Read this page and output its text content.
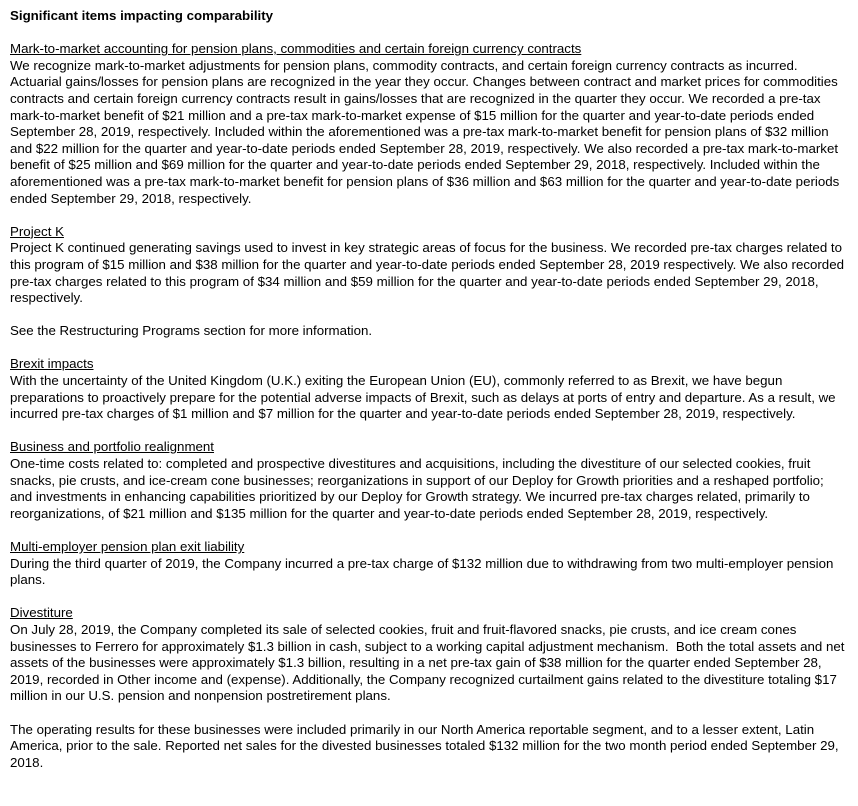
Significant items impacting comparability

Mark-to-market accounting for pension plans, commodities and certain foreign currency contracts

We recognize mark-to-market adjustments for pension plans, commodity contracts, and certain foreign currency contracts as incurred. Actuarial gains/losses for pension plans are recognized in the year they occur. Changes between contract and market prices for commodities contracts and certain foreign currency contracts result in gains/losses that are recognized in the quarter they occur. We recorded a pre-tax mark-to-market benefit of $21 million and a pre-tax mark-to-market expense of $15 million for the quarter and year-to-date periods ended September 28, 2019, respectively. Included within the aforementioned was a pre-tax mark-to-market benefit for pension plans of $32 million and $22 million for the quarter and year-to-date periods ended September 28, 2019, respectively. We also recorded a pre-tax mark-to-market benefit of $25 million and $69 million for the quarter and year-to-date periods ended September 29, 2018, respectively. Included within the aforementioned was a pre-tax mark-to-market benefit for pension plans of $36 million and $63 million for the quarter and year-to-date periods ended September 29, 2018, respectively.

Project K

Project K continued generating savings used to invest in key strategic areas of focus for the business. We recorded pre-tax charges related to this program of $15 million and $38 million for the quarter and year-to-date periods ended September 28, 2019 respectively. We also recorded pre-tax charges related to this program of $34 million and $59 million for the quarter and year-to-date periods ended September 29, 2018, respectively.

See the Restructuring Programs section for more information.

Brexit impacts

With the uncertainty of the United Kingdom (U.K.) exiting the European Union (EU), commonly referred to as Brexit, we have begun preparations to proactively prepare for the potential adverse impacts of Brexit, such as delays at ports of entry and departure. As a result, we incurred pre-tax charges of $1 million and $7 million for the quarter and year-to-date periods ended September 28, 2019, respectively.

Business and portfolio realignment

One-time costs related to: completed and prospective divestitures and acquisitions, including the divestiture of our selected cookies, fruit snacks, pie crusts, and ice-cream cone businesses; reorganizations in support of our Deploy for Growth priorities and a reshaped portfolio; and investments in enhancing capabilities prioritized by our Deploy for Growth strategy. We incurred pre-tax charges related, primarily to reorganizations, of $21 million and $135 million for the quarter and year-to-date periods ended September 28, 2019, respectively.

Multi-employer pension plan exit liability

During the third quarter of 2019, the Company incurred a pre-tax charge of $132 million due to withdrawing from two multi-employer pension plans.

Divestiture

On July 28, 2019, the Company completed its sale of selected cookies, fruit and fruit-flavored snacks, pie crusts, and ice cream cones businesses to Ferrero for approximately $1.3 billion in cash, subject to a working capital adjustment mechanism.  Both the total assets and net assets of the businesses were approximately $1.3 billion, resulting in a net pre-tax gain of $38 million for the quarter ended September 28, 2019, recorded in Other income and (expense). Additionally, the Company recognized curtailment gains related to the divestiture totaling $17 million in our U.S. pension and nonpension postretirement plans.

The operating results for these businesses were included primarily in our North America reportable segment, and to a lesser extent, Latin America, prior to the sale. Reported net sales for the divested businesses totaled $132 million for the two month period ended September 29, 2018.
